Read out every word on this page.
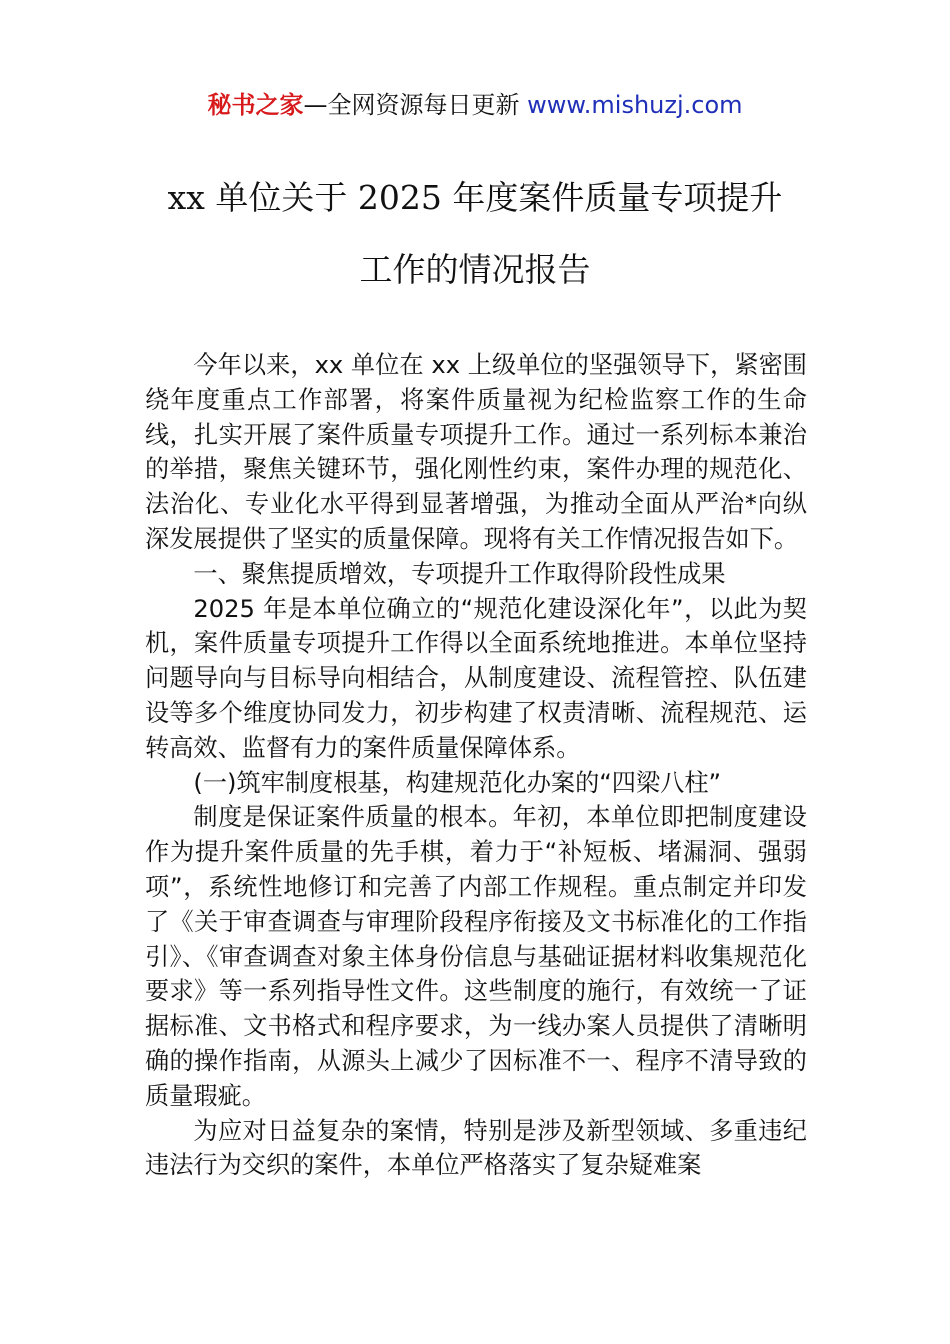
秘书之家—全网资源每日更新 www.mishuzj.com
xx 单位关于 2025 年度案件质量专项提升
工作的情况报告

今年以来，xx 单位在 xx 上级单位的坚强领导下，紧密围绕年度重点工作部署，将案件质量视为纪检监察工作的生命线，扎实开展了案件质量专项提升工作。通过一系列标本兼治的举措，聚焦关键环节，强化刚性约束，案件办理的规范化、法治化、专业化水平得到显著增强，为推动全面从严治*向纵深发展提供了坚实的质量保障。现将有关工作情况报告如下。

一、聚焦提质增效，专项提升工作取得阶段性成果

2025 年是本单位确立的“规范化建设深化年”，以此为契机，案件质量专项提升工作得以全面系统地推进。本单位坚持问题导向与目标导向相结合，从制度建设、流程管控、队伍建设等多个维度协同发力，初步构建了权责清晰、流程规范、运转高效、监督有力的案件质量保障体系。

(一)筑牢制度根基，构建规范化办案的“四梁八柱”

制度是保证案件质量的根本。年初，本单位即把制度建设作为提升案件质量的先手棋，着力于“补短板、堵漏洞、强弱项”，系统性地修订和完善了内部工作规程。重点制定并印发了《关于审查调查与审理阶段程序衔接及文书标准化的工作指引》、《审查调查对象主体身份信息与基础证据材料收集规范化要求》等一系列指导性文件。这些制度的施行，有效统一了证据标准、文书格式和程序要求，为一线办案人员提供了清晰明确的操作指南，从源头上减少了因标准不一、程序不清导致的质量瑕疵。

为应对日益复杂的案情，特别是涉及新型领域、多重违纪违法行为交织的案件，本单位严格落实了复杂疑难案
